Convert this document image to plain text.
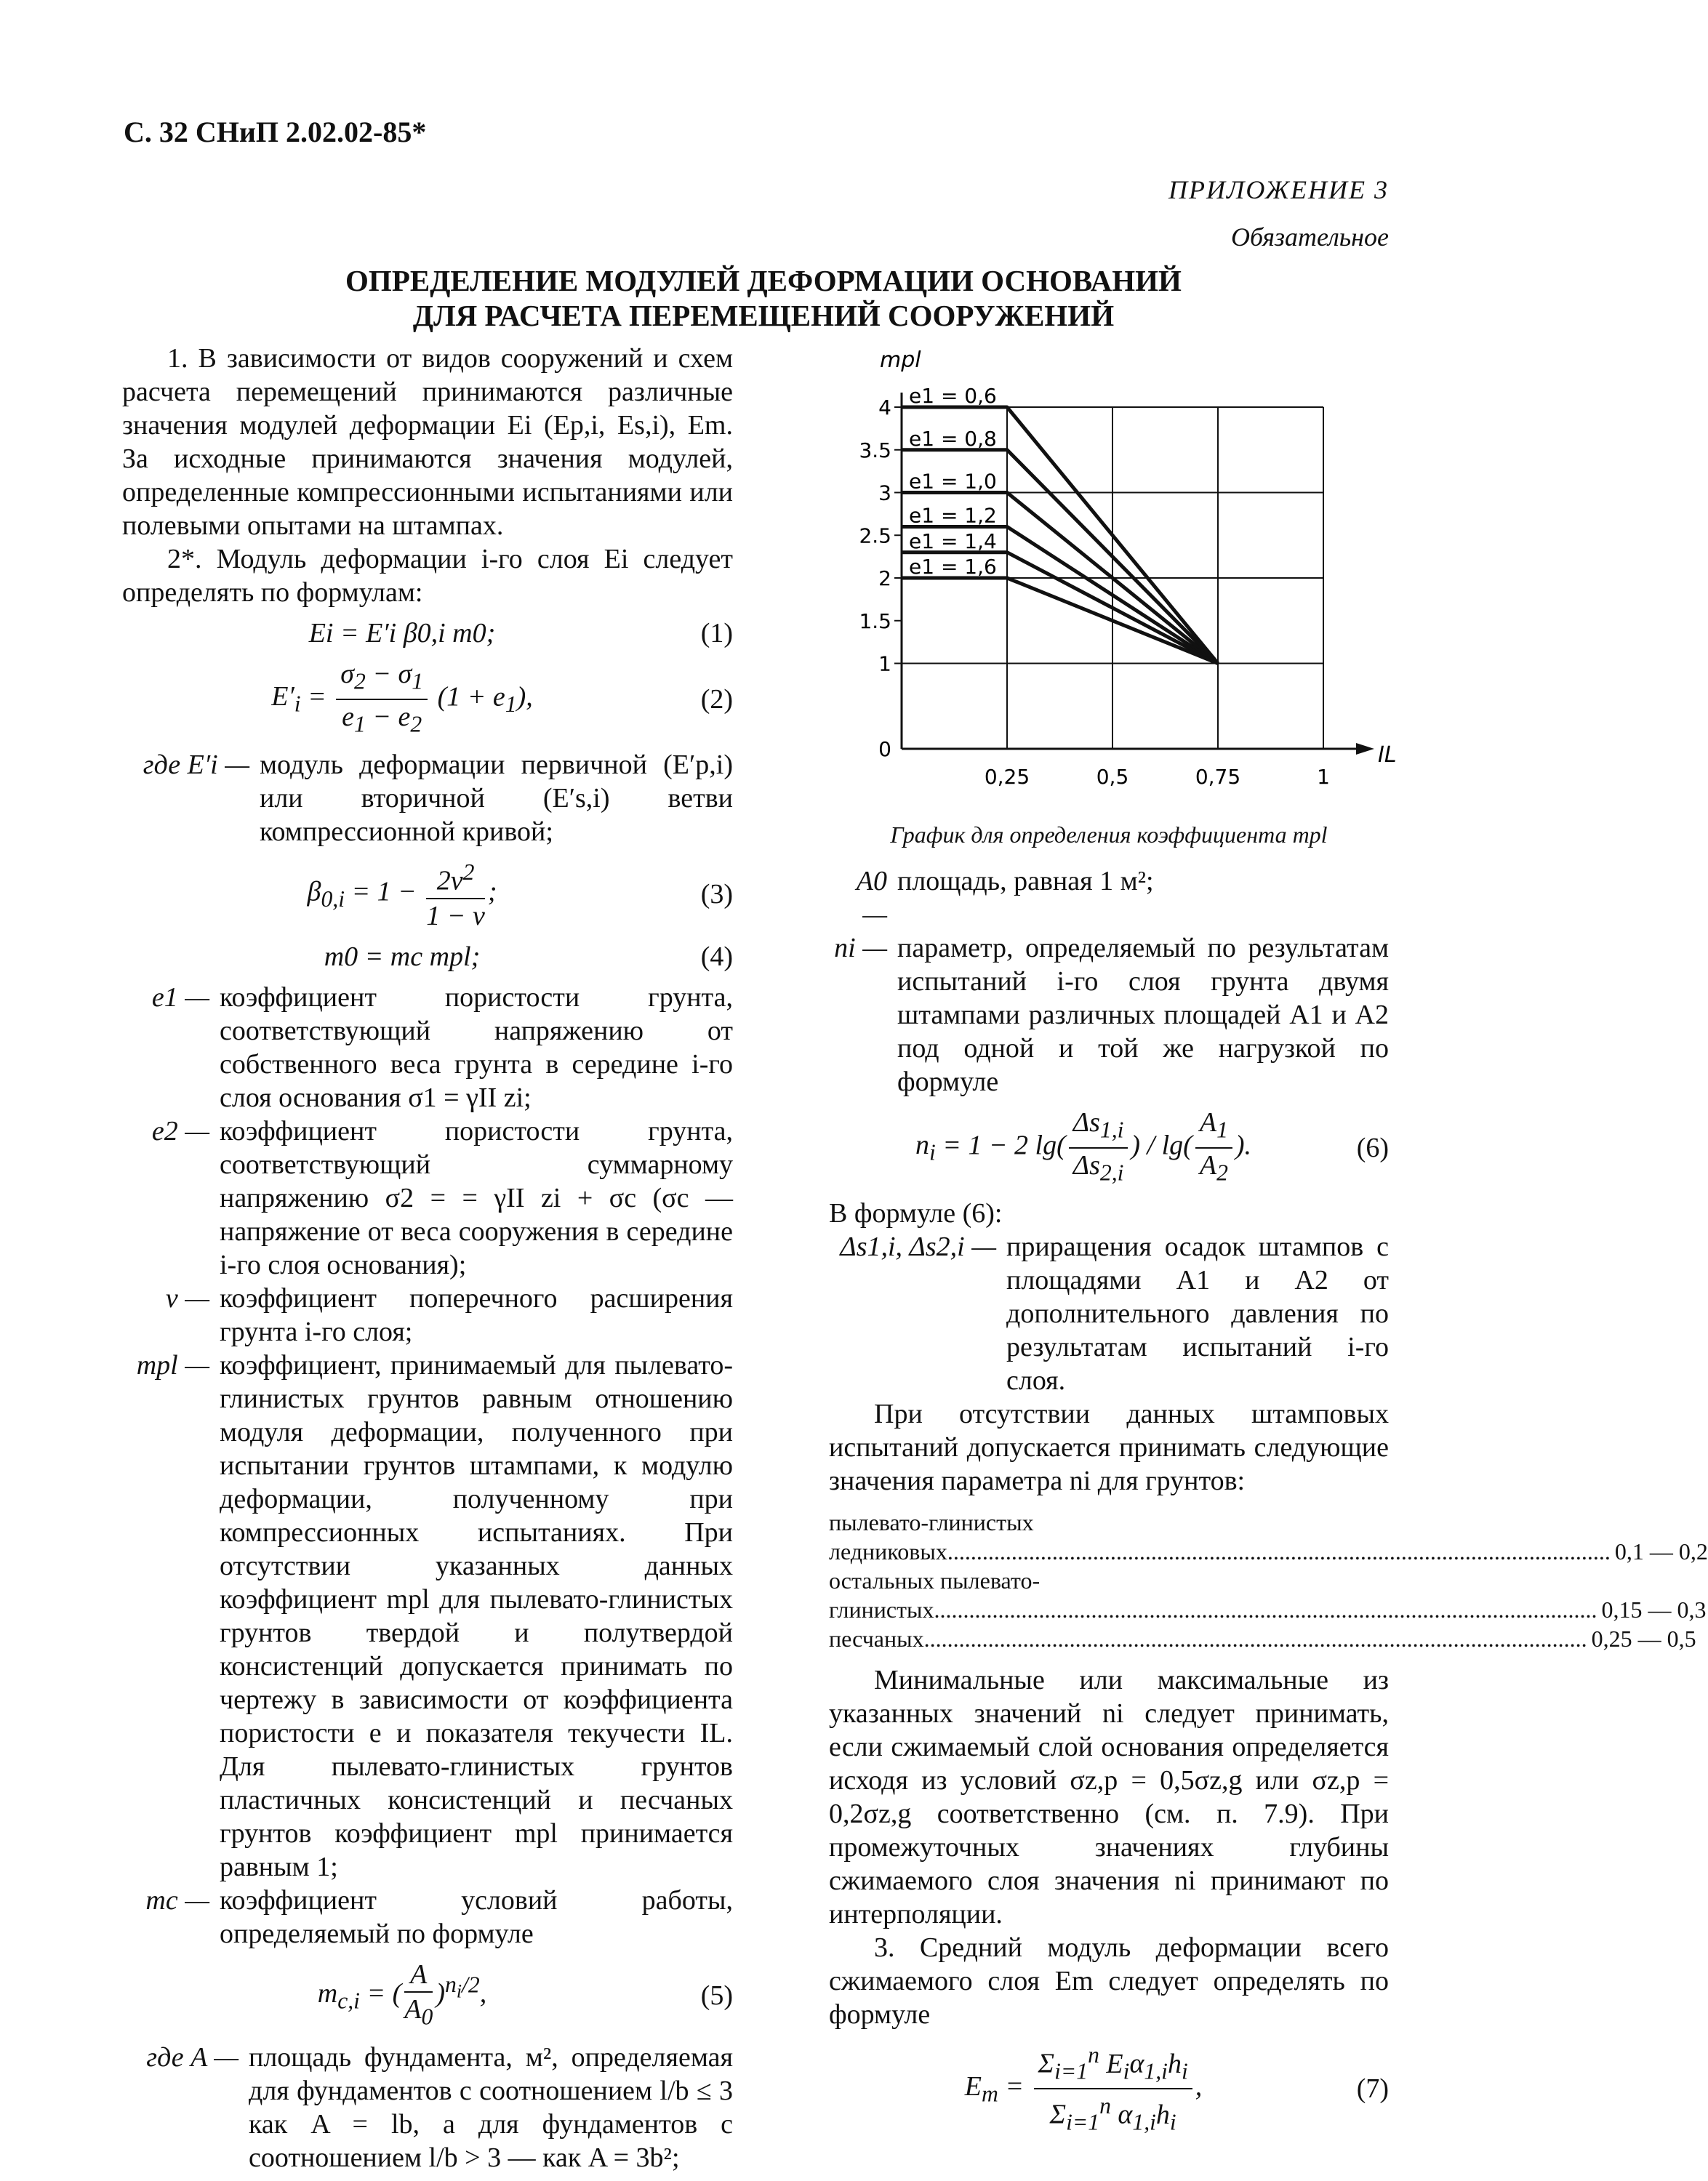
С. 32 СНиП 2.02.02-85*
ПРИЛОЖЕНИЕ 3
Обязательное
ОПРЕДЕЛЕНИЕ МОДУЛЕЙ ДЕФОРМАЦИИ ОСНОВАНИЙ
ДЛЯ РАСЧЕТА ПЕРЕМЕЩЕНИЙ СООРУЖЕНИЙ

1. В зависимости от видов сооружений и схем расчета перемещений принимаются различные значения модулей деформации Ei (Ep,i, Es,i), Em. За исходные принимаются значения модулей, определенные компрессионными испытаниями или полевыми опытами на штампах.

2*. Модуль деформации i-го слоя Ei следует определять по формулам:

Ei = E′i β0,i m0;	(1)
$E'_i = \frac{\sigma_2 - \sigma_1}{e_1 - e_2} (1 + e_1)$,	(2)
где E′i — модуль деформации первичной (E′p,i) или вторичной (E′s,i) ветви компрессионной кривой;
$\beta_{0,i} = 1 - \frac{2\nu^2}{1 - \nu}$ ;	(3)
m0 = mc mpl;	(4)
e1 — коэффициент пористости грунта, соответствующий напряжению от собственного веса грунта в середине i-го слоя основания σ1 = γII zi;
e2 — коэффициент пористости грунта, соответствующий суммарному напряжению σ2 = = γII zi + σc (σc — напряжение от веса сооружения в середине i-го слоя основания);
ν — коэффициент поперечного расширения грунта i-го слоя;
mpl — коэффициент, принимаемый для пылевато-глинистых грунтов равным отношению модуля деформации, полученного при испытании грунтов штампами, к модулю деформации, полученному при компрессионных испытаниях. При отсутствии указанных данных коэффициент mpl для пылевато-глинистых грунтов твердой и полутвердой консистенций допускается принимать по чертежу в зависимости от коэффициента пористости e и показателя текучести IL. Для пылевато-глинистых грунтов пластичных консистенций и песчаных грунтов коэффициент mpl принимается равным 1;
mc — коэффициент условий работы, определяемый по формуле
$m_{c,i}$ = ( $\frac{A}{A_0} )^{n_i/2}$,	(5)
где A — площадь фундамента, м², определяемая для фундаментов с соотношением l/b ≤ 3 как A = lb, а для фундаментов с соотношением l/b > 3 — как A = 3b²;
0
1
1.5
2
2.5
3
3.5
4
0,25	0,5	0,75	1
mpl
IL
e1 = 0,6
e1 = 0,8
e1 = 1,0
e1 = 1,2
e1 = 1,4
e1 = 1,6
График для определения коэффициента mpl
A0 —
площадь, равная 1 м²;
ni — параметр, определяемый по результатам испытаний i-го слоя грунта двумя штампами различных площадей A1 и A2 под одной и той же нагрузкой по формуле
$n_i = 1 - 2$ $\lg( \frac{\Delta s_{1,i}}{\Delta s_{2,i}}$ ) / $\lg( \frac{A_1}{A_2}$ ).	(6)

В формуле (6):

Δs1,i, Δs2,i — приращения осадок штампов с площадями A1 и A2 от дополнительного давления по результатам испытаний i-го слоя.

При отсутствии данных штамповых испытаний допускается принимать следующие значения параметра ni для грунтов:

пылевато-глинистых
ледниковых .....	0,1 — 0,2
остальных пылевато-
глинистых .....	0,15 — 0,3
песчаных .....	0,25 — 0,5

Минимальные или максимальные из указанных значений ni следует принимать, если сжимаемый слой основания определяется исходя из условий σz,p = 0,5σz,g или σz,p = 0,2σz,g соответственно (см. п. 7.9). При промежуточных значениях глубины сжимаемого слоя значения ni принимают по интерполяции.

3. Средний модуль деформации всего сжимаемого слоя Em следует определять по формуле

$E_m = \frac{\Sigma_{i=1}^n E_i\alpha_{1,i}h_i}{\Sigma_{i=1}^n \alpha_{1,i}h_i}$ ,	(7)
